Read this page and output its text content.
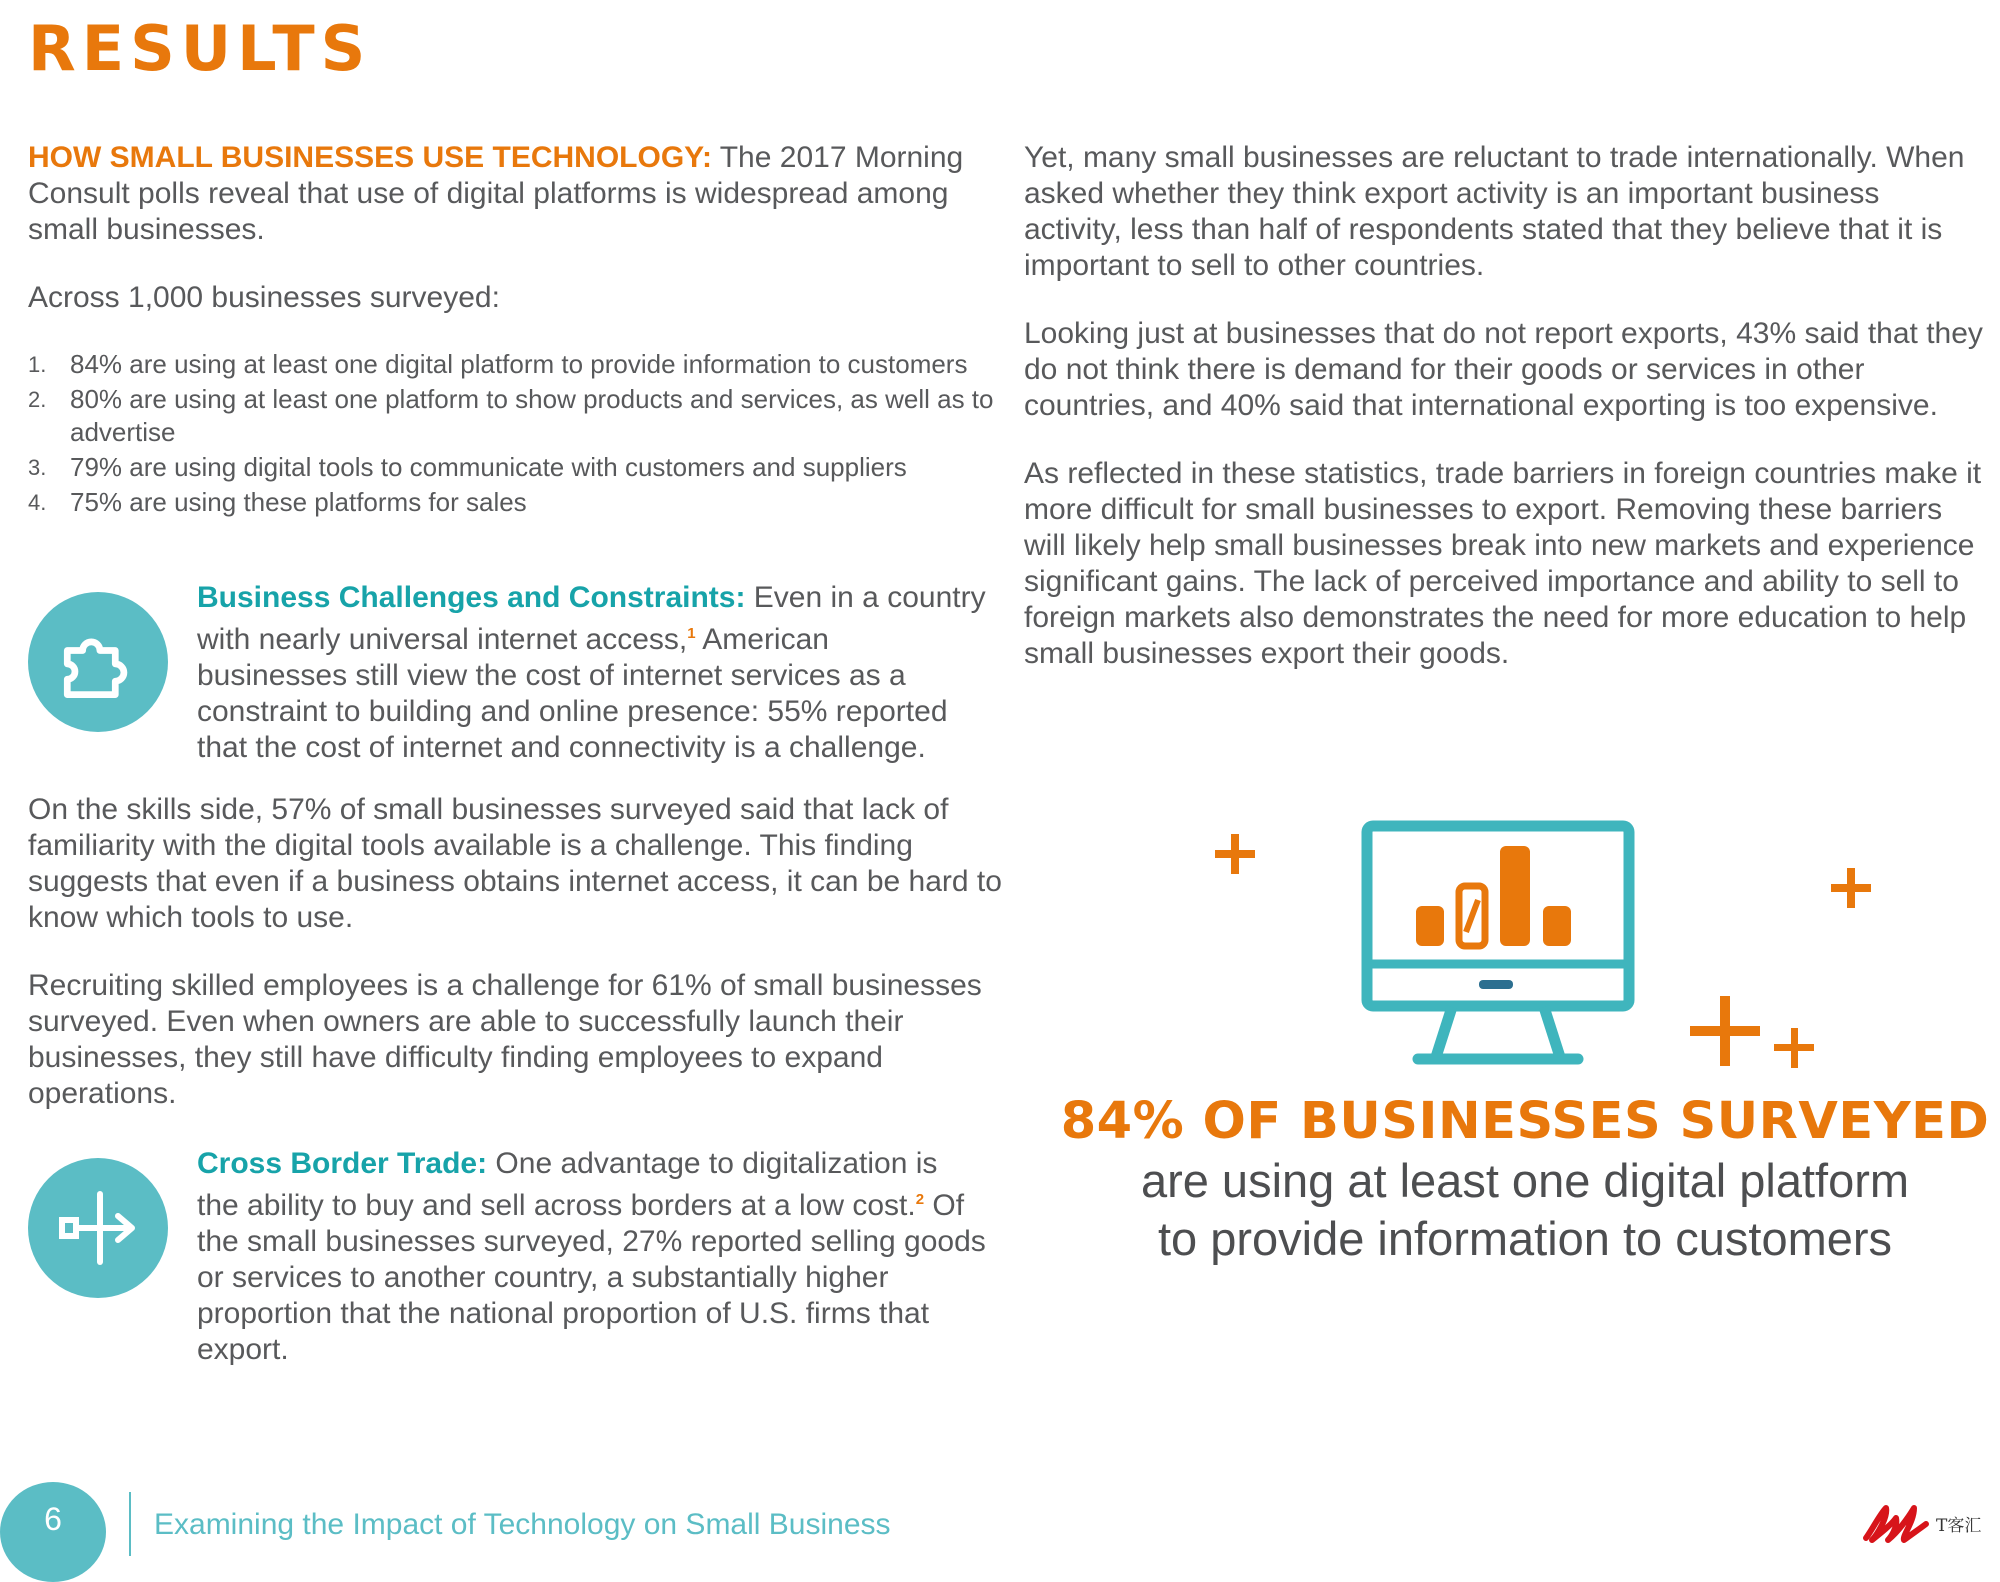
RESULTS

HOW SMALL BUSINESSES USE TECHNOLOGY: The 2017 Morning Consult polls reveal that use of digital platforms is widespread among small businesses.

Across 1,000 businesses surveyed:

1. 84% are using at least one digital platform to provide information to customers
2. 80% are using at least one platform to show products and services, as well as to advertise
3. 79% are using digital tools to communicate with customers and suppliers
4. 75% are using these platforms for sales

Business Challenges and Constraints: Even in a country with nearly universal internet access,$^1$ American businesses still view the cost of internet services as a constraint to building and online presence: 55% reported that the cost of internet and connectivity is a challenge.

On the skills side, 57% of small businesses surveyed said that lack of familiarity with the digital tools available is a challenge. This finding suggests that even if a business obtains internet access, it can be hard to know which tools to use.

Recruiting skilled employees is a challenge for 61% of small businesses surveyed. Even when owners are able to successfully launch their businesses, they still have difficulty finding employees to expand operations.

Cross Border Trade: One advantage to digitalization is the ability to buy and sell across borders at a low cost.$^2$ Of the small businesses surveyed, 27% reported selling goods or services to another country, a substantially higher proportion that the national proportion of U.S. firms that export.

Yet, many small businesses are reluctant to trade internationally. When asked whether they think export activity is an important business activity, less than half of respondents stated that they believe that it is important to sell to other countries.

Looking just at businesses that do not report exports, 43% said that they do not think there is demand for their goods or services in other countries, and 40% said that international exporting is too expensive.

As reflected in these statistics, trade barriers in foreign countries make it more difficult for small businesses to export. Removing these barriers will likely help small businesses break into new markets and experience significant gains. The lack of perceived importance and ability to sell to foreign markets also demonstrates the need for more education to help small businesses export their goods.

84% OF BUSINESSES SURVEYED

are using at least one digital platform
to provide information to customers
6	Examining the Impact of Technology on Small Business	T客汇
